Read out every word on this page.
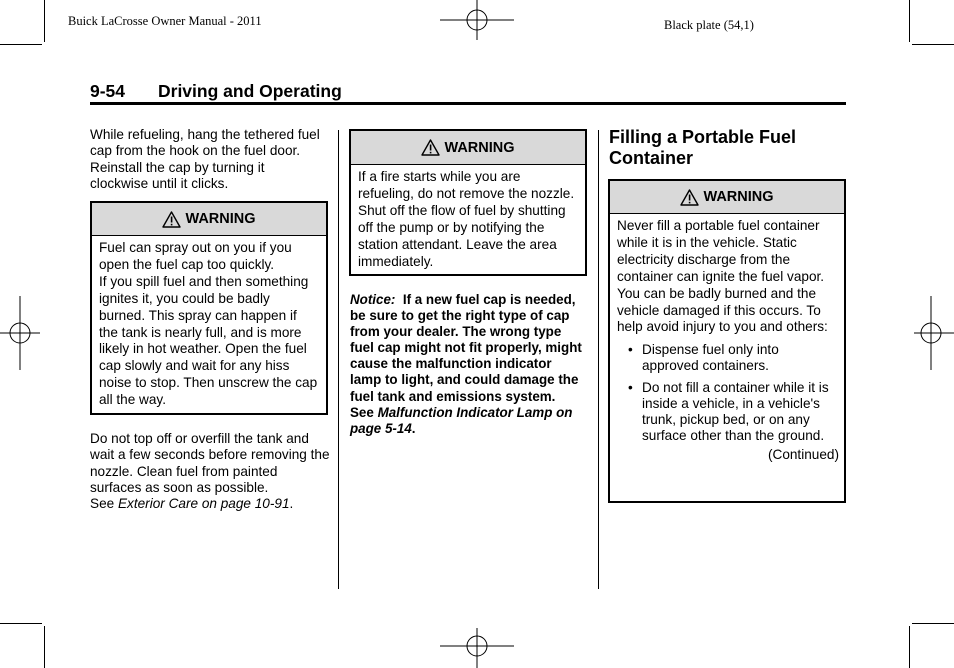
Buick LaCrosse Owner Manual - 2011	Black plate (54,1)
9-54 Driving and Operating
While refueling, hang the tethered fuel cap from the hook on the fuel door. Reinstall the cap by turning it clockwise until it clicks.
WARNING
Fuel can spray out on you if you open the fuel cap too quickly.
If you spill fuel and then something ignites it, you could be badly burned. This spray can happen if the tank is nearly full, and is more likely in hot weather. Open the fuel cap slowly and wait for any hiss noise to stop. Then unscrew the cap all the way.
Do not top off or overfill the tank and wait a few seconds before removing the nozzle. Clean fuel from painted surfaces as soon as possible.
See Exterior Care on page 10-91.
WARNING
If a fire starts while you are refueling, do not remove the nozzle. Shut off the flow of fuel by shutting off the pump or by notifying the station attendant. Leave the area immediately.
Notice: If a new fuel cap is needed, be sure to get the right type of cap from your dealer. The wrong type fuel cap might not fit properly, might cause the malfunction indicator lamp to light, and could damage the fuel tank and emissions system.
See Malfunction Indicator Lamp on page 5-14.
Filling a Portable Fuel Container
WARNING
Never fill a portable fuel container while it is in the vehicle. Static electricity discharge from the container can ignite the fuel vapor. You can be badly burned and the vehicle damaged if this occurs. To help avoid injury to you and others:
• Dispense fuel only into approved containers.
• Do not fill a container while it is inside a vehicle, in a vehicle's trunk, pickup bed, or on any surface other than the ground.
(Continued)
